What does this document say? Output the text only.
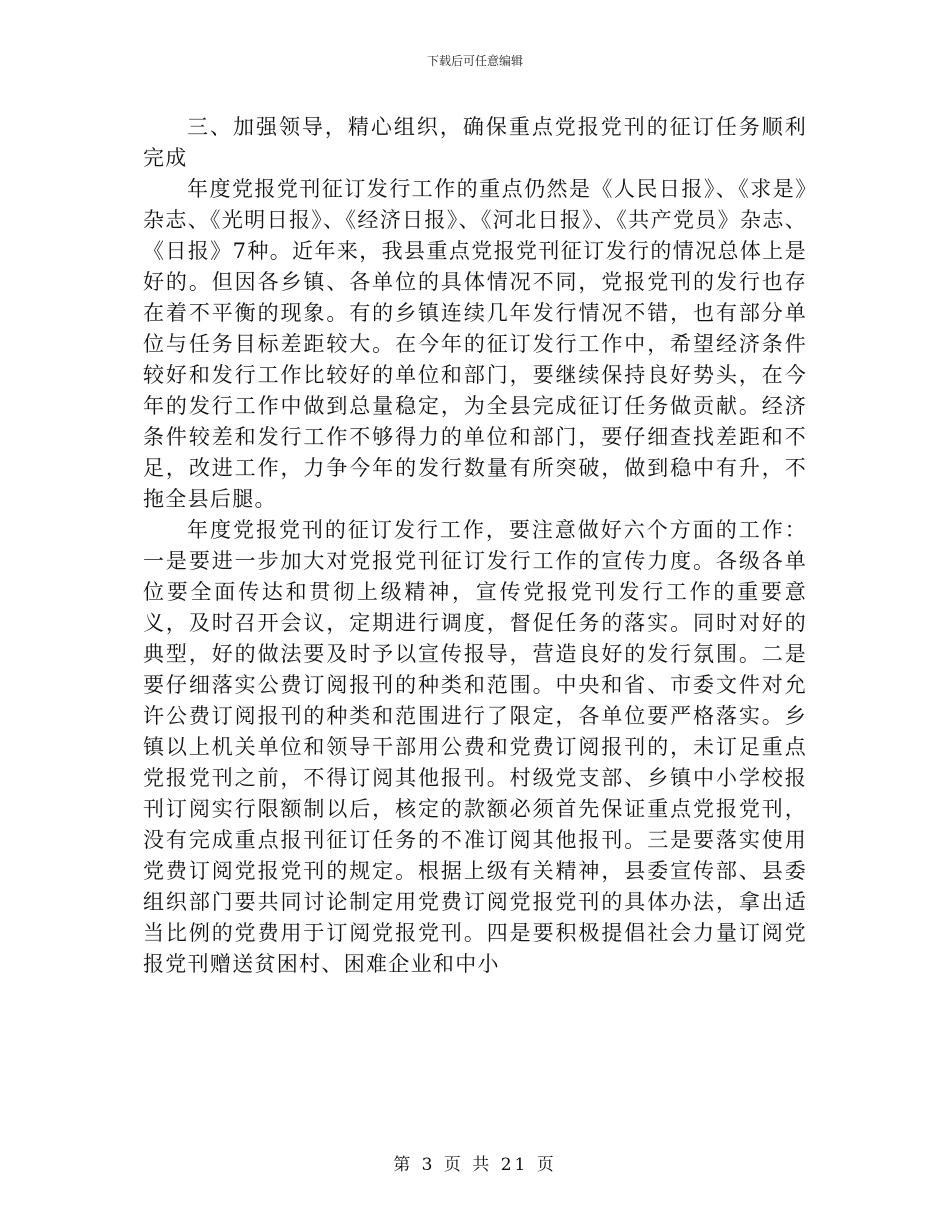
下载后可任意编辑

三、加强领导，精心组织，确保重点党报党刊的征订任务顺利完成

年度党报党刊征订发行工作的重点仍然是《人民日报》、《求是》杂志、《光明日报》、《经济日报》、《河北日报》、《共产党员》杂志、《日报》7种。近年来，我县重点党报党刊征订发行的情况总体上是好的。但因各乡镇、各单位的具体情况不同，党报党刊的发行也存在着不平衡的现象。有的乡镇连续几年发行情况不错，也有部分单位与任务目标差距较大。在今年的征订发行工作中，希望经济条件较好和发行工作比较好的单位和部门，要继续保持良好势头，在今年的发行工作中做到总量稳定，为全县完成征订任务做贡献。经济条件较差和发行工作不够得力的单位和部门，要仔细查找差距和不足，改进工作，力争今年的发行数量有所突破，做到稳中有升，不拖全县后腿。

年度党报党刊的征订发行工作，要注意做好六个方面的工作：一是要进一步加大对党报党刊征订发行工作的宣传力度。各级各单位要全面传达和贯彻上级精神，宣传党报党刊发行工作的重要意义，及时召开会议，定期进行调度，督促任务的落实。同时对好的典型，好的做法要及时予以宣传报导，营造良好的发行氛围。二是要仔细落实公费订阅报刊的种类和范围。中央和省、市委文件对允许公费订阅报刊的种类和范围进行了限定，各单位要严格落实。乡镇以上机关单位和领导干部用公费和党费订阅报刊的，未订足重点党报党刊之前，不得订阅其他报刊。村级党支部、乡镇中小学校报刊订阅实行限额制以后，核定的款额必须首先保证重点党报党刊，没有完成重点报刊征订任务的不准订阅其他报刊。三是要落实使用党费订阅党报党刊的规定。根据上级有关精神，县委宣传部、县委组织部门要共同讨论制定用党费订阅党报党刊的具体办法，拿出适当比例的党费用于订阅党报党刊。四是要积极提倡社会力量订阅党报党刊赠送贫困村、困难企业和中小

第 3 页 共 21 页
